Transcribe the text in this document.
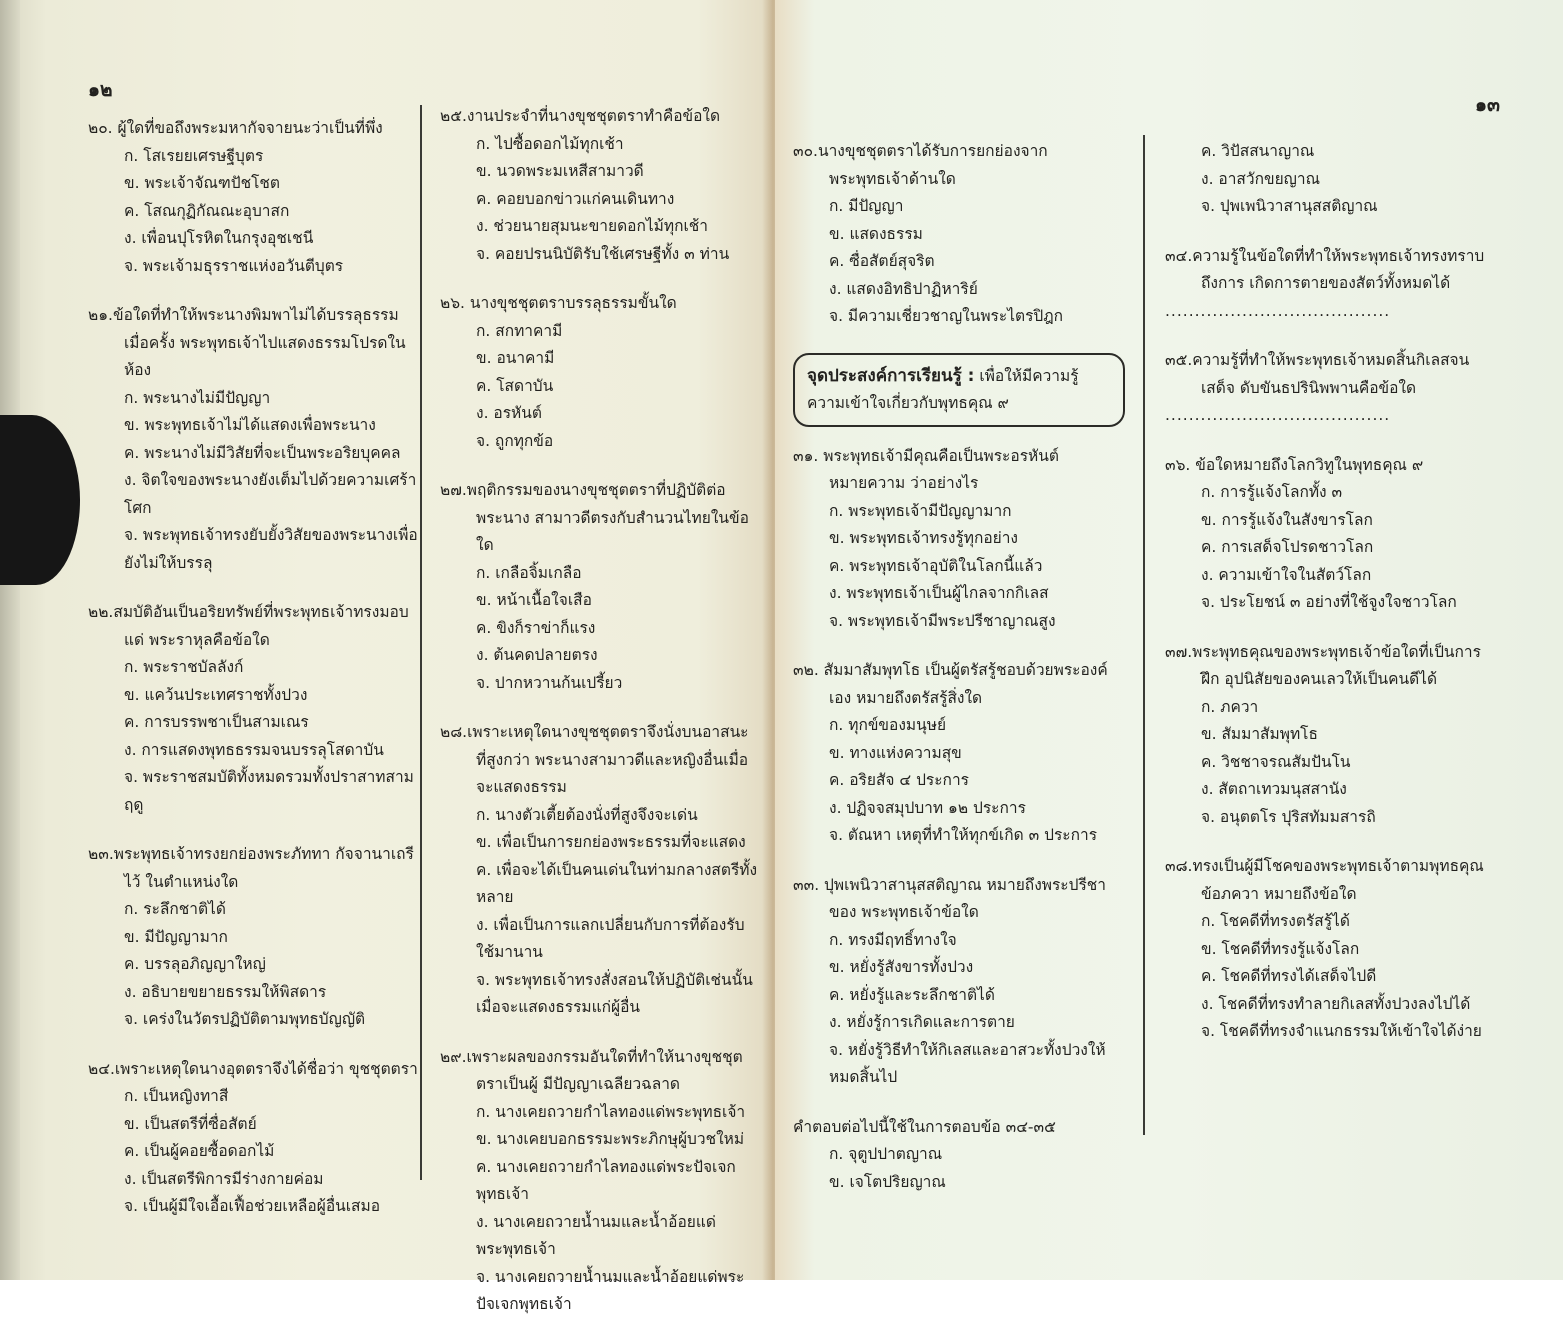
๑๒
๒๐. ผู้ใดที่ขอถึงพระมหากัจจายนะว่าเป็นที่พึ่ง
ก. โสเรยยเศรษฐีบุตร
ข. พระเจ้าจัณฑปัชโชต
ค. โสณกุฏิกัณณะอุบาสก
ง. เพื่อนปุโรหิตในกรุงอุชเชนี
จ. พระเจ้ามธุรราชแห่งอวันตีบุตร
๒๑.ข้อใดที่ทำให้พระนางพิมพาไม่ได้บรรลุธรรมเมื่อครั้ง พระพุทธเจ้าไปแสดงธรรมโปรดในห้อง
ก. พระนางไม่มีปัญญา
ข. พระพุทธเจ้าไม่ได้แสดงเพื่อพระนาง
ค. พระนางไม่มีวิสัยที่จะเป็นพระอริยบุคคล
ง. จิตใจของพระนางยังเต็มไปด้วยความเศร้าโศก
จ. พระพุทธเจ้าทรงยับยั้งวิสัยของพระนางเพื่อยังไม่ให้บรรลุ
๒๒.สมบัติอันเป็นอริยทรัพย์ที่พระพุทธเจ้าทรงมอบแด่ พระราหุลคือข้อใด
ก. พระราชบัลลังก์
ข. แคว้นประเทศราชทั้งปวง
ค. การบรรพชาเป็นสามเณร
ง. การแสดงพุทธธรรมจนบรรลุโสดาบัน
จ. พระราชสมบัติทั้งหมดรวมทั้งปราสาทสามฤดู
๒๓.พระพุทธเจ้าทรงยกย่องพระภัททา กัจจานาเถรีไว้ ในตำแหน่งใด
ก. ระลึกชาติได้
ข. มีปัญญามาก
ค. บรรลุอภิญญาใหญ่
ง. อธิบายขยายธรรมให้พิสดาร
จ. เคร่งในวัตรปฏิบัติตามพุทธบัญญัติ
๒๔.เพราะเหตุใดนางอุตตราจึงได้ชื่อว่า ขุชชุตตรา
ก. เป็นหญิงทาสี
ข. เป็นสตรีที่ซื่อสัตย์
ค. เป็นผู้คอยซื้อดอกไม้
ง. เป็นสตรีพิการมีร่างกายค่อม
จ. เป็นผู้มีใจเอื้อเฟื้อช่วยเหลือผู้อื่นเสมอ
๒๕.งานประจำที่นางขุชชุตตราทำคือข้อใด
ก. ไปซื้อดอกไม้ทุกเช้า
ข. นวดพระมเหสีสามาวดี
ค. คอยบอกข่าวแก่คนเดินทาง
ง. ช่วยนายสุมนะขายดอกไม้ทุกเช้า
จ. คอยปรนนิบัติรับใช้เศรษฐีทั้ง ๓ ท่าน
๒๖. นางขุชชุตตราบรรลุธรรมขั้นใด
ก. สกทาคามี
ข. อนาคามี
ค. โสดาบัน
ง. อรหันต์
จ. ถูกทุกข้อ
๒๗.พฤติกรรมของนางขุชชุตตราที่ปฏิบัติต่อพระนาง สามาวดีตรงกับสำนวนไทยในข้อใด
ก. เกลือจิ้มเกลือ
ข. หน้าเนื้อใจเสือ
ค. ขิงก็ราข่าก็แรง
ง. ต้นคดปลายตรง
จ. ปากหวานก้นเปรี้ยว
๒๘.เพราะเหตุใดนางขุชชุตตราจึงนั่งบนอาสนะที่สูงกว่า พระนางสามาวดีและหญิงอื่นเมื่อจะแสดงธรรม
ก. นางตัวเตี้ยต้องนั่งที่สูงจึงจะเด่น
ข. เพื่อเป็นการยกย่องพระธรรมที่จะแสดง
ค. เพื่อจะได้เป็นคนเด่นในท่ามกลางสตรีทั้งหลาย
ง. เพื่อเป็นการแลกเปลี่ยนกับการที่ต้องรับใช้มานาน
จ. พระพุทธเจ้าทรงสั่งสอนให้ปฏิบัติเช่นนั้นเมื่อจะแสดงธรรมแก่ผู้อื่น
๒๙.เพราะผลของกรรมอันใดที่ทำให้นางขุชชุตตราเป็นผู้ มีปัญญาเฉลียวฉลาด
ก. นางเคยถวายกำไลทองแด่พระพุทธเจ้า
ข. นางเคยบอกธรรมะพระภิกษุผู้บวชใหม่
ค. นางเคยถวายกำไลทองแด่พระปัจเจกพุทธเจ้า
ง. นางเคยถวายน้ำนมและน้ำอ้อยแด่พระพุทธเจ้า
จ. นางเคยถวายน้ำนมและน้ำอ้อยแด่พระปัจเจกพุทธเจ้า
๑๓
๓๐.นางขุชชุตตราได้รับการยกย่องจากพระพุทธเจ้าด้านใด
ก. มีปัญญา
ข. แสดงธรรม
ค. ซื่อสัตย์สุจริต
ง. แสดงอิทธิปาฏิหาริย์
จ. มีความเชี่ยวชาญในพระไตรปิฎก
จุดประสงค์การเรียนรู้ : เพื่อให้มีความรู้ความเข้าใจเกี่ยวกับพุทธคุณ ๙
๓๑. พระพุทธเจ้ามีคุณคือเป็นพระอรหันต์หมายความ ว่าอย่างไร
ก. พระพุทธเจ้ามีปัญญามาก
ข. พระพุทธเจ้าทรงรู้ทุกอย่าง
ค. พระพุทธเจ้าอุบัติในโลกนี้แล้ว
ง. พระพุทธเจ้าเป็นผู้ไกลจากกิเลส
จ. พระพุทธเจ้ามีพระปรีชาญาณสูง
๓๒. สัมมาสัมพุทโธ เป็นผู้ตรัสรู้ชอบด้วยพระองค์เอง หมายถึงตรัสรู้สิ่งใด
ก. ทุกข์ของมนุษย์
ข. ทางแห่งความสุข
ค. อริยสัจ ๔ ประการ
ง. ปฏิจจสมุปบาท ๑๒ ประการ
จ. ตัณหา เหตุที่ทำให้ทุกข์เกิด ๓ ประการ
๓๓. ปุพเพนิวาสานุสสติญาณ หมายถึงพระปรีชาของ พระพุทธเจ้าข้อใด
ก. ทรงมีฤทธิ์ทางใจ
ข. หยั่งรู้สังขารทั้งปวง
ค. หยั่งรู้และระลึกชาติได้
ง. หยั่งรู้การเกิดและการตาย
จ. หยั่งรู้วิธีทำให้กิเลสและอาสวะทั้งปวงให้หมดสิ้นไป
คำตอบต่อไปนี้ใช้ในการตอบข้อ ๓๔-๓๕
ก. จุตูปปาตญาณ
ข. เจโตปริยญาณ
ค. วิปัสสนาญาณ
ง. อาสวักขยญาณ
จ. ปุพเพนิวาสานุสสติญาณ
๓๔.ความรู้ในข้อใดที่ทำให้พระพุทธเจ้าทรงทราบถึงการ เกิดการตายของสัตว์ทั้งหมดได้
......................................
๓๕.ความรู้ที่ทำให้พระพุทธเจ้าหมดสิ้นกิเลสจนเสด็จ ดับขันธปรินิพพานคือข้อใด
......................................
๓๖. ข้อใดหมายถึงโลกวิทูในพุทธคุณ ๙
ก. การรู้แจ้งโลกทั้ง ๓
ข. การรู้แจ้งในสังขารโลก
ค. การเสด็จโปรดชาวโลก
ง. ความเข้าใจในสัตว์โลก
จ. ประโยชน์ ๓ อย่างที่ใช้จูงใจชาวโลก
๓๗.พระพุทธคุณของพระพุทธเจ้าข้อใดที่เป็นการฝึก อุปนิสัยของคนเลวให้เป็นคนดีได้
ก. ภควา
ข. สัมมาสัมพุทโธ
ค. วิชชาจรณสัมปันโน
ง. สัตถาเทวมนุสสานัง
จ. อนุตตโร ปุริสทัมมสารถิ
๓๘.ทรงเป็นผู้มีโชคของพระพุทธเจ้าตามพุทธคุณข้อภควา หมายถึงข้อใด
ก. โชคดีที่ทรงตรัสรู้ได้
ข. โชคดีที่ทรงรู้แจ้งโลก
ค. โชคดีที่ทรงได้เสด็จไปดี
ง. โชคดีที่ทรงทำลายกิเลสทั้งปวงลงไปได้
จ. โชคดีที่ทรงจำแนกธรรมให้เข้าใจได้ง่าย
